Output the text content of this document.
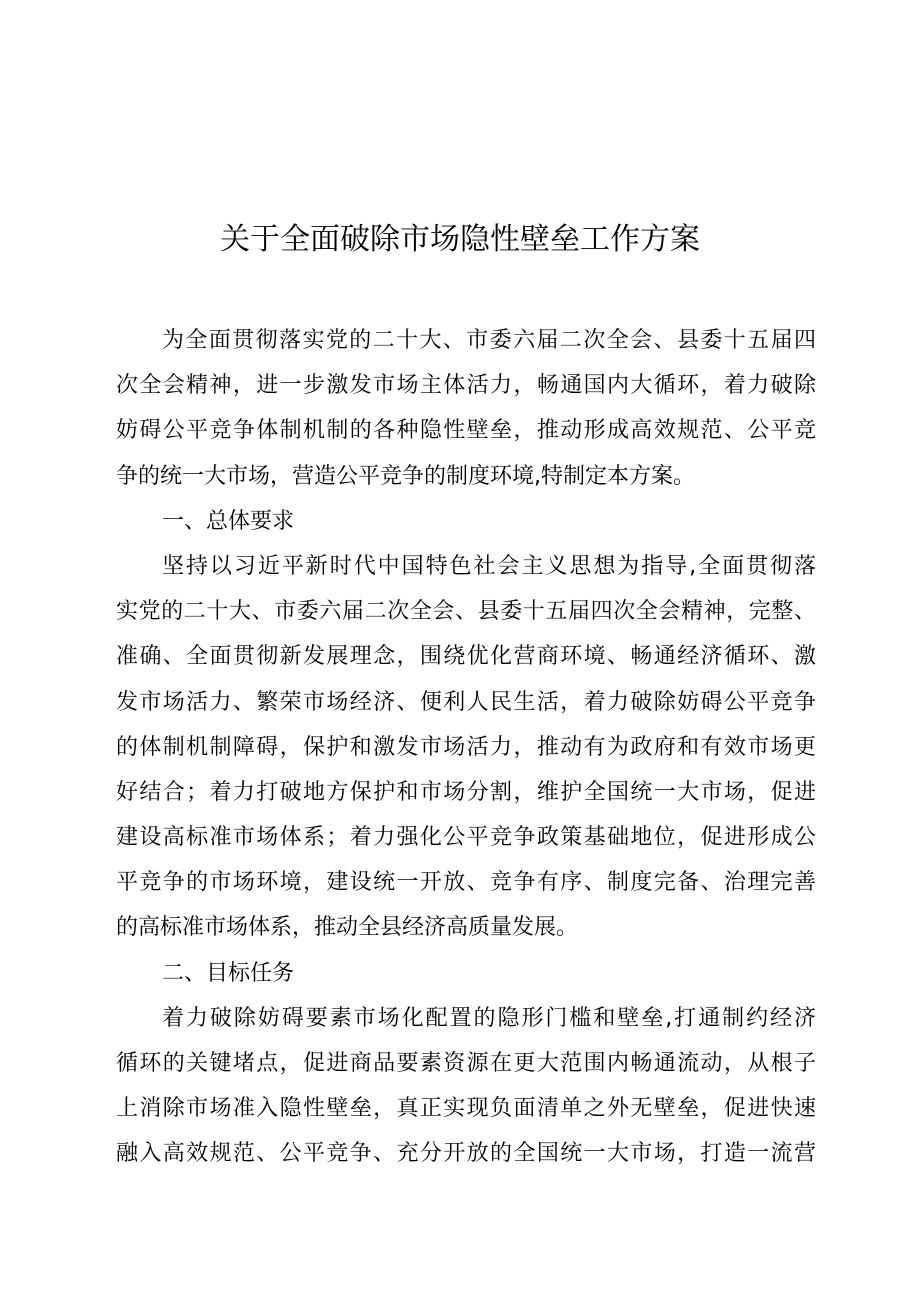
关于全面破除市场隐性壁垒工作方案
为全面贯彻落实党的二十大、市委六届二次全会、县委十五届四
次全会精神，进一步激发市场主体活力，畅通国内大循环，着力破除
妨碍公平竞争体制机制的各种隐性壁垒，推动形成高效规范、公平竞
争的统一大市场，营造公平竞争的制度环境,特制定本方案。
一、总体要求
坚持以习近平新时代中国特色社会主义思想为指导,全面贯彻落
实党的二十大、市委六届二次全会、县委十五届四次全会精神，完整、
准确、全面贯彻新发展理念，围绕优化营商环境、畅通经济循环、激
发市场活力、繁荣市场经济、便利人民生活，着力破除妨碍公平竞争
的体制机制障碍，保护和激发市场活力，推动有为政府和有效市场更
好结合；着力打破地方保护和市场分割，维护全国统一大市场，促进
建设高标准市场体系；着力强化公平竞争政策基础地位，促进形成公
平竞争的市场环境，建设统一开放、竞争有序、制度完备、治理完善
的高标准市场体系，推动全县经济高质量发展。
二、目标任务
着力破除妨碍要素市场化配置的隐形门槛和壁垒,打通制约经济
循环的关键堵点，促进商品要素资源在更大范围内畅通流动，从根子
上消除市场准入隐性壁垒，真正实现负面清单之外无壁垒，促进快速
融入高效规范、公平竞争、充分开放的全国统一大市场，打造一流营
